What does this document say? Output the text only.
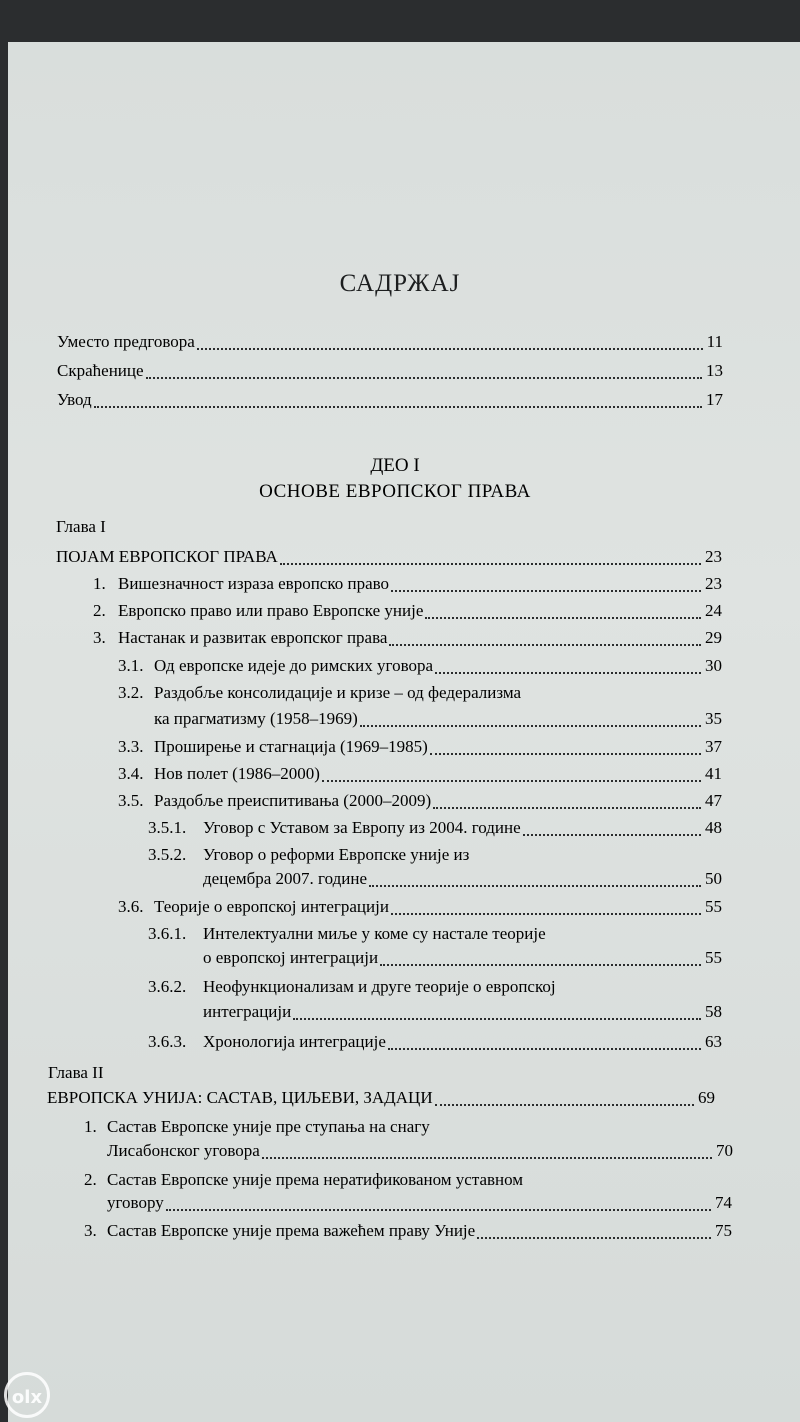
САДРЖАЈ
Уместо предговора	11
Скраћенице	13
Увод	17
ДЕО I
ОСНОВЕ ЕВРОПСКОГ ПРАВА
Глава I
ПОЈАМ ЕВРОПСКОГ ПРАВА	23
1. Вишезначност израза европско право	23
2. Европско право или право Европске уније	24
3. Настанак и развитак европског права	29
3.1. Од европске идеје до римских уговора	30
3.2. Раздобље консолидације и кризе – од федерализма
ка прагматизму (1958–1969)	35
3.3. Проширење и стагнација (1969–1985)	37
3.4. Нов полет (1986–2000)	41
3.5. Раздобље преиспитивања (2000–2009)	47
3.5.1. Уговор с Уставом за Европу из 2004. године	48
3.5.2. Уговор о реформи Европске уније из
децембра 2007. године	50
3.6. Теорије о европској интеграцији	55
3.6.1. Интелектуални миље у коме су настале теорије
о европској интеграцији	55
3.6.2. Неофункционализам и друге теорије о европској
интеграцији	58
3.6.3. Хронологија интеграције	63
Глава II
ЕВРОПСКА УНИЈА: САСТАВ, ЦИЉЕВИ, ЗАДАЦИ	69
1. Састав Европске уније пре ступања на снагу
Лисабонског уговора	70
2. Састав Европске уније према нератификованом уставном
уговору	74
3. Састав Европске уније према важећем праву Уније	75
olx
